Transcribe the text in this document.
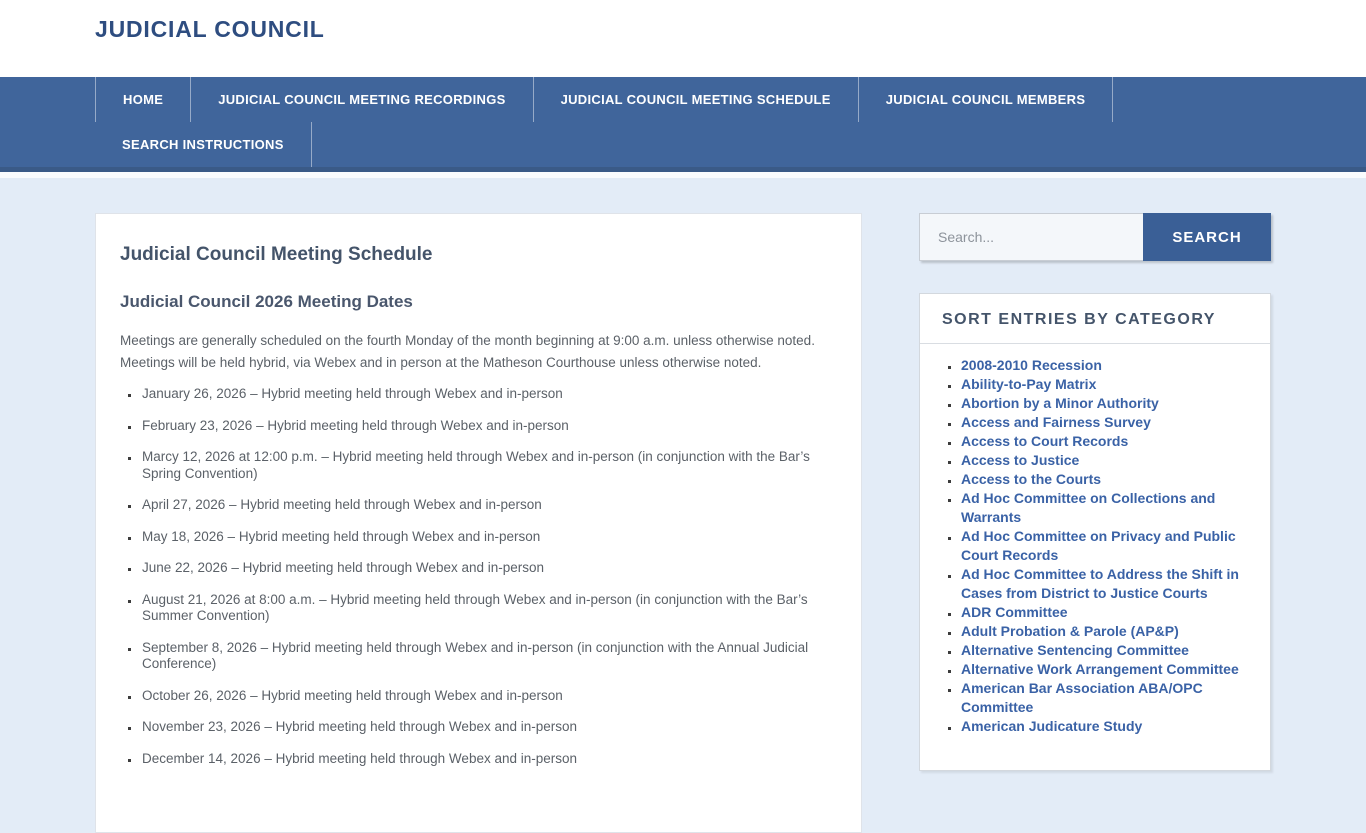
JUDICIAL COUNCIL
HOME	JUDICIAL COUNCIL MEETING RECORDINGS	JUDICIAL COUNCIL MEETING SCHEDULE	JUDICIAL COUNCIL MEMBERS
SEARCH INSTRUCTIONS
Judicial Council Meeting Schedule
Judicial Council 2026 Meeting Dates

Meetings are generally scheduled on the fourth Monday of the month beginning at 9:00 a.m. unless otherwise noted. Meetings will be held hybrid, via Webex and in person at the Matheson Courthouse unless otherwise noted.

▪ January 26, 2026 – Hybrid meeting held through Webex and in-person
▪ February 23, 2026 – Hybrid meeting held through Webex and in-person
▪ Marcy 12, 2026 at 12:00 p.m. – Hybrid meeting held through Webex and in-person (in conjunction with the Bar’s Spring Convention)
▪ April 27, 2026 – Hybrid meeting held through Webex and in-person
▪ May 18, 2026 – Hybrid meeting held through Webex and in-person
▪ June 22, 2026 – Hybrid meeting held through Webex and in-person
▪ August 21, 2026 at 8:00 a.m. – Hybrid meeting held through Webex and in-person (in conjunction with the Bar’s Summer Convention)
▪ September 8, 2026 – Hybrid meeting held through Webex and in-person (in conjunction with the Annual Judicial Conference)
▪ October 26, 2026 – Hybrid meeting held through Webex and in-person
▪ November 23, 2026 – Hybrid meeting held through Webex and in-person
▪ December 14, 2026 – Hybrid meeting held through Webex and in-person
Search...
SEARCH
SORT ENTRIES BY CATEGORY
▪ 2008-2010 Recession
▪ Ability-to-Pay Matrix
▪ Abortion by a Minor Authority
▪ Access and Fairness Survey
▪ Access to Court Records
▪ Access to Justice
▪ Access to the Courts
▪ Ad Hoc Committee on Collections and Warrants
▪ Ad Hoc Committee on Privacy and Public Court Records
▪ Ad Hoc Committee to Address the Shift in Cases from District to Justice Courts
▪ ADR Committee
▪ Adult Probation & Parole (AP&P)
▪ Alternative Sentencing Committee
▪ Alternative Work Arrangement Committee
▪ American Bar Association ABA/OPC Committee
▪ American Judicature Study
